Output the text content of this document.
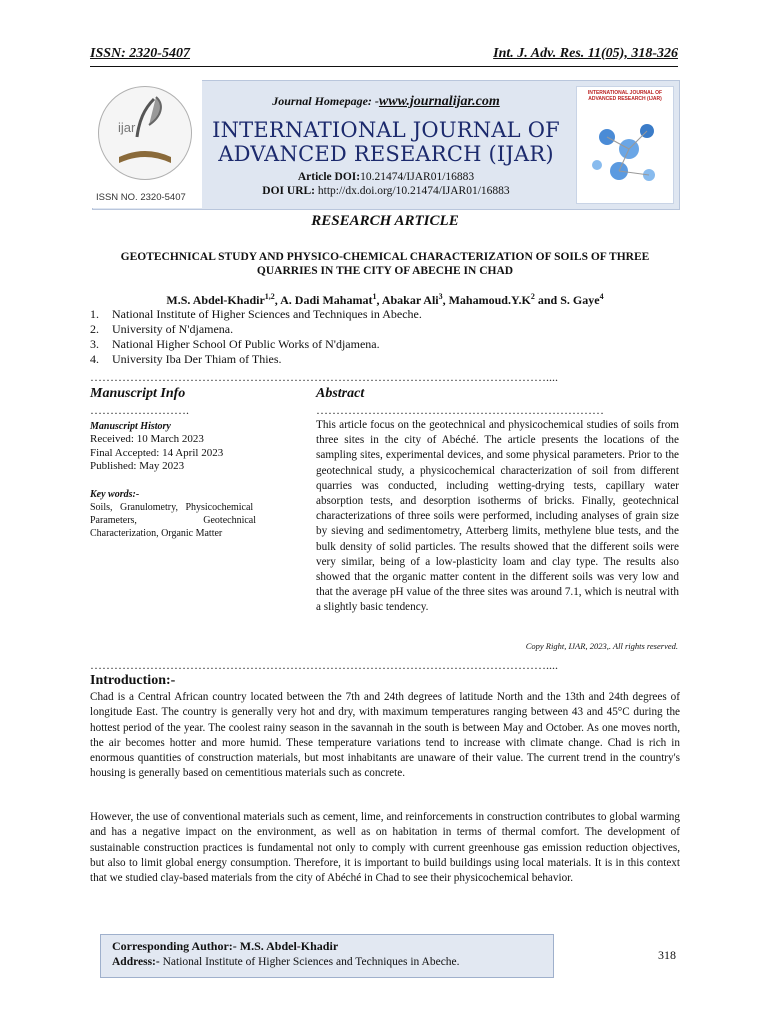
ISSN: 2320-5407	Int. J. Adv. Res. 11(05), 318-326
ijar
ISSN NO. 2320-5407
Journal Homepage: -www.journalijar.com
INTERNATIONAL JOURNAL OF
ADVANCED RESEARCH (IJAR)
Article DOI:10.21474/IJAR01/16883
DOI URL: http://dx.doi.org/10.21474/IJAR01/16883
INTERNATIONAL JOURNAL OF ADVANCED RESEARCH (IJAR)
RESEARCH ARTICLE
GEOTECHNICAL STUDY AND PHYSICO-CHEMICAL CHARACTERIZATION OF SOILS OF THREE
QUARRIES IN THE CITY OF ABECHE IN CHAD
M.S. Abdel-Khadir$^{1,2}$, A. Dadi Mahamat$^1$, Abakar Ali$^3$, $Mahamoud.Y.K^2$ and S. Gaye$^4$
1. National Institute of Higher Sciences and Techniques in Abeche.
2. University of N'djamena.
3. National Higher School Of Public Works of N'djamena.
4. University Iba Der Thiam of Thies.
……………………………………………………………………………………………………....
Manuscript Info
…………………….
Manuscript History
Received: 10 March 2023
Final Accepted: 14 April 2023
Published: May 2023
Key words:-
Soils,   Granulometry,   Physicochemical
Parameters,	Geotechnical
Characterization, Organic Matter
Abstract
………………………………………………………………
This article focus on the geotechnical and physicochemical studies of soils from three sites in the city of Abéché. The article presents the locations of the sampling sites, experimental devices, and some physical parameters. Prior to the geotechnical study, a physicochemical characterization of soil from different quarries was conducted, including wetting-drying tests, capillary water absorption tests, and desorption isotherms of bricks. Finally, geotechnical characterizations of three soils were performed, including analyses of grain size by sieving and sedimentometry, Atterberg limits, methylene blue tests, and the bulk density of solid particles. The results showed that the different soils were very similar, being of a low-plasticity loam and clay type. The results also showed that the organic matter content in the different soils was very low and that the average pH value of the three sites was around 7.1, which is neutral with a slightly basic tendency.
Copy Right, IJAR, 2023,. All rights reserved.
……………………………………………………………………………………………………....
Introduction:-
Chad is a Central African country located between the 7th and 24th degrees of latitude North and the 13th and 24th degrees of longitude East. The country is generally very hot and dry, with maximum temperatures ranging between 43 and 45°C during the hottest period of the year. The coolest rainy season in the savannah in the south is between May and October. As one moves north, the air becomes hotter and more humid. These temperature variations tend to increase with climate change. Chad is rich in enormous quantities of construction materials, but most inhabitants are unaware of their value. The current trend in the country's housing is generally based on cementitious materials such as concrete.
However, the use of conventional materials such as cement, lime, and reinforcements in construction contributes to global warming and has a negative impact on the environment, as well as on habitation in terms of thermal comfort. The development of sustainable construction practices is fundamental not only to comply with current greenhouse gas emission reduction objectives, but also to limit global energy consumption. Therefore, it is important to build buildings using local materials. It is in this context that we studied clay-based materials from the city of Abéché in Chad to see their physicochemical behavior.
Corresponding Author:- M.S. Abdel-Khadir
Address:- National Institute of Higher Sciences and Techniques in Abeche.	318
